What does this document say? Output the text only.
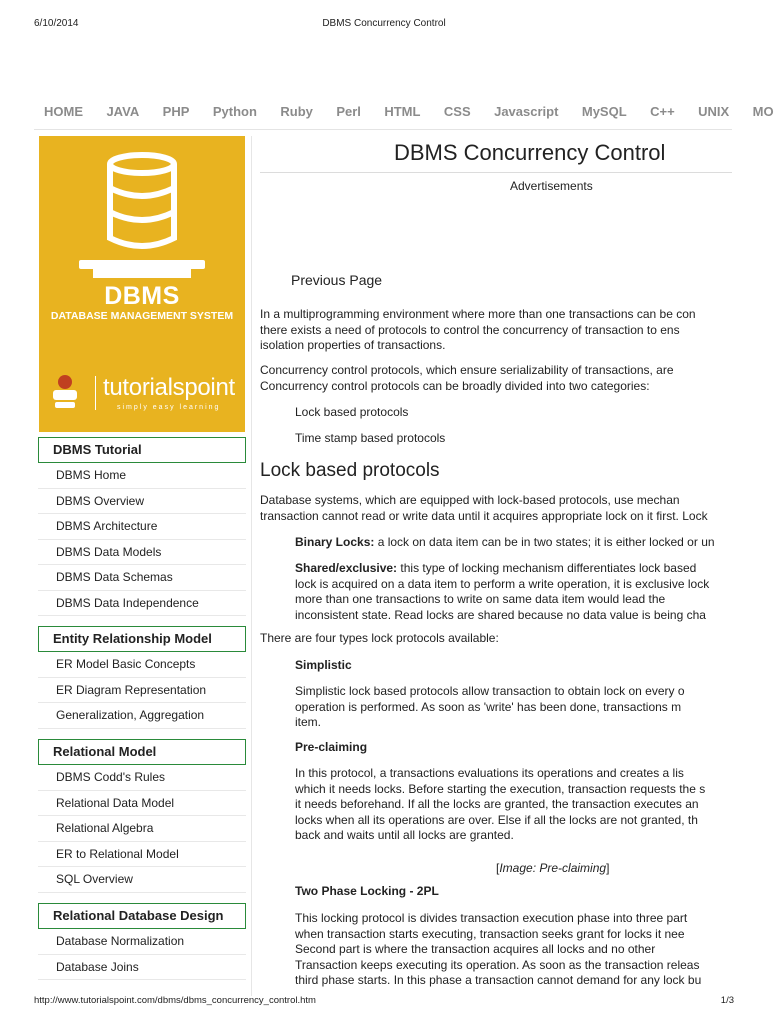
6/10/2014	DBMS Concurrency Control
HOME JAVA PHP Python Ruby Perl HTML CSS Javascript MySQL C++ UNIX MO
DBMS
DATABASE MANAGEMENT SYSTEM
tutorialspoint
simply easy learning
DBMS Tutorial
DBMS Home
DBMS Overview
DBMS Architecture
DBMS Data Models
DBMS Data Schemas
DBMS Data Independence
Entity Relationship Model
ER Model Basic Concepts
ER Diagram Representation
Generalization, Aggregation
Relational Model
DBMS Codd's Rules
Relational Data Model
Relational Algebra
ER to Relational Model
SQL Overview
Relational Database Design
Database Normalization
Database Joins
DBMS Concurrency Control
Advertisements
Previous Page
In a multiprogramming environment where more than one transactions can be con
there exists a need of protocols to control the concurrency of transaction to ens
isolation properties of transactions.
Concurrency control protocols, which ensure serializability of transactions, are
Concurrency control protocols can be broadly divided into two categories:
Lock based protocols
Time stamp based protocols
Lock based protocols
Database systems, which are equipped with lock-based protocols, use mechan
transaction cannot read or write data until it acquires appropriate lock on it first. Lock
Binary Locks: a lock on data item can be in two states; it is either locked or un
Shared/exclusive: this type of locking mechanism differentiates lock based
lock is acquired on a data item to perform a write operation, it is exclusive lock
more than one transactions to write on same data item would lead the
inconsistent state. Read locks are shared because no data value is being cha
There are four types lock protocols available:
Simplistic
Simplistic lock based protocols allow transaction to obtain lock on every o
operation is performed. As soon as 'write' has been done, transactions m
item.
Pre-claiming
In this protocol, a transactions evaluations its operations and creates a lis
which it needs locks. Before starting the execution, transaction requests the s
it needs beforehand. If all the locks are granted, the transaction executes an
locks when all its operations are over. Else if all the locks are not granted, th
back and waits until all locks are granted.
[Image: Pre-claiming]
Two Phase Locking - 2PL
This locking protocol is divides transaction execution phase into three part
when transaction starts executing, transaction seeks grant for locks it nee
Second part is where the transaction acquires all locks and no other
Transaction keeps executing its operation. As soon as the transaction releas
third phase starts. In this phase a transaction cannot demand for any lock bu
http://www.tutorialspoint.com/dbms/dbms_concurrency_control.htm	1/3
